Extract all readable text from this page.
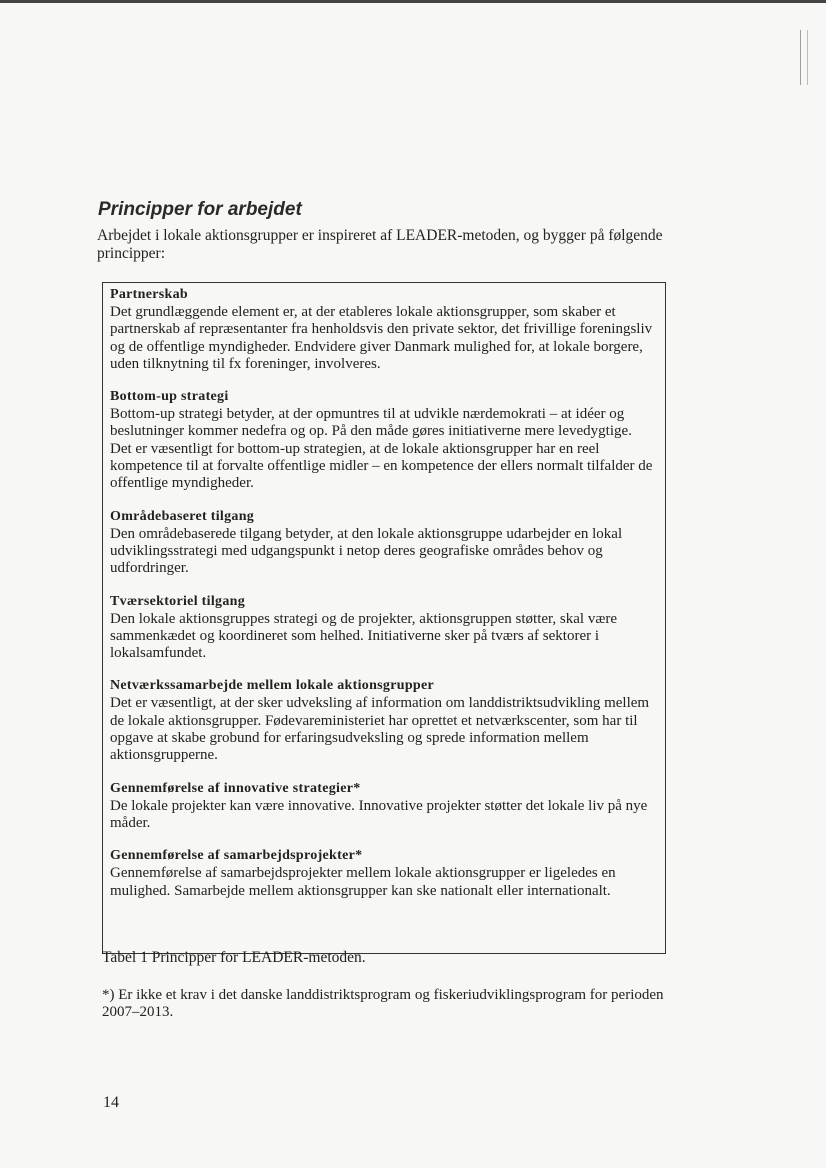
Principper for arbejdet

Arbejdet i lokale aktionsgrupper er inspireret af LEADER-metoden, og bygger på følgende principper:

Partnerskab

Det grundlæggende element er, at der etableres lokale aktionsgrupper, som skaber et partnerskab af repræsentanter fra henholdsvis den private sektor, det frivillige foreningsliv og de offentlige myndigheder. Endvidere giver Danmark mulighed for, at lokale borgere, uden tilknytning til fx foreninger, involveres.

Bottom-up strategi

Bottom-up strategi betyder, at der opmuntres til at udvikle nærdemokrati – at idéer og beslutninger kommer nedefra og op. På den måde gøres initiativerne mere levedygtige. Det er væsentligt for bottom-up strategien, at de lokale aktionsgrupper har en reel kompetence til at forvalte offentlige midler – en kompetence der ellers normalt tilfalder de offentlige myndigheder.

Områdebaseret tilgang

Den områdebaserede tilgang betyder, at den lokale aktionsgruppe udarbejder en lokal udviklingsstrategi med udgangspunkt i netop deres geografiske områdes behov og udfordringer.

Tværsektoriel tilgang

Den lokale aktionsgruppes strategi og de projekter, aktionsgruppen støtter, skal være sammenkædet og koordineret som helhed. Initiativerne sker på tværs af sektorer i lokalsamfundet.

Netværkssamarbejde mellem lokale aktionsgrupper

Det er væsentligt, at der sker udveksling af information om landdistriktsudvikling mellem de lokale aktionsgrupper. Fødevareministeriet har oprettet et netværkscenter, som har til opgave at skabe grobund for erfaringsudveksling og sprede information mellem aktionsgrupperne.

Gennemførelse af innovative strategier*

De lokale projekter kan være innovative. Innovative projekter støtter det lokale liv på nye måder.

Gennemførelse af samarbejdsprojekter*

Gennemførelse af samarbejdsprojekter mellem lokale aktionsgrupper er ligeledes en mulighed. Samarbejde mellem aktionsgrupper kan ske nationalt eller internationalt.

Tabel 1 Principper for LEADER-metoden.

*) Er ikke et krav i det danske landdistriktsprogram og fiskeriudviklingsprogram for perioden 2007–2013.

14
